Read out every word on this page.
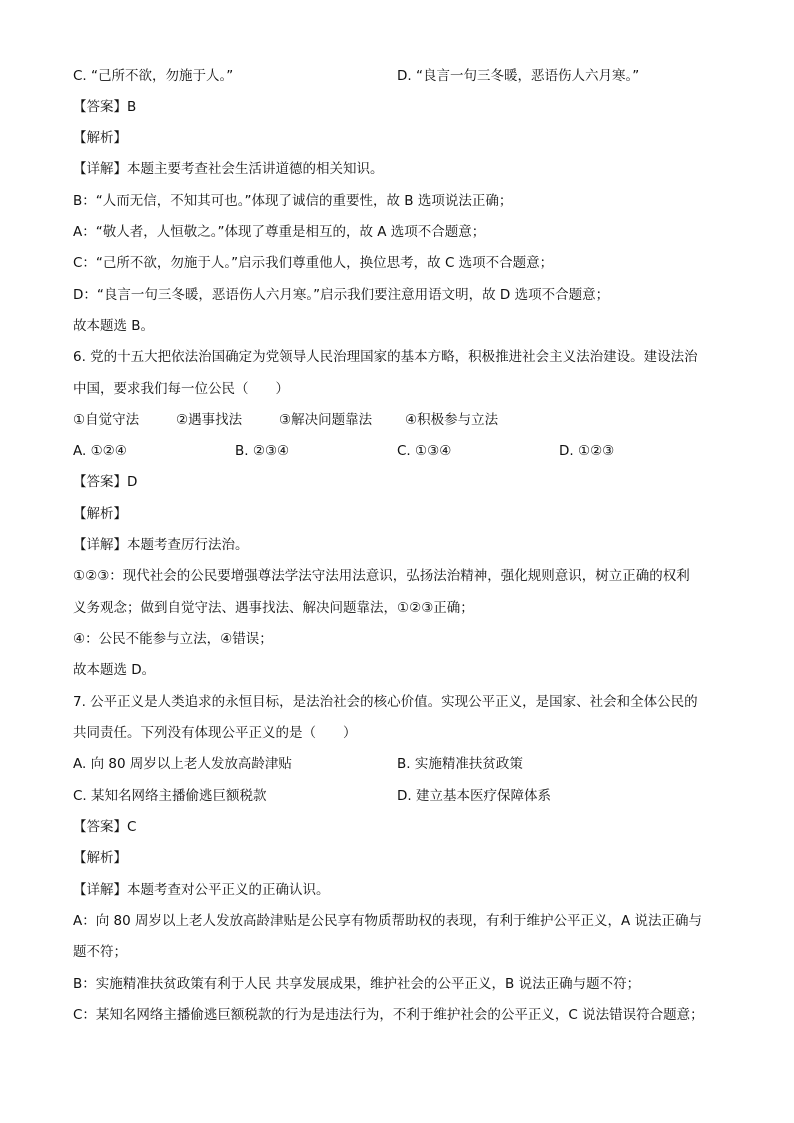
C. “己所不欲，勿施于人。”	D. “良言一句三冬暖，恶语伤人六月寒。”
【答案】B
【解析】
【详解】本题主要考查社会生活讲道德的相关知识。
B：“人而无信，不知其可也。”体现了诚信的重要性，故 B 选项说法正确；
A：“敬人者，人恒敬之。”体现了尊重是相互的，故 A 选项不合题意；
C：“己所不欲，勿施于人。”启示我们尊重他人，换位思考，故 C 选项不合题意；
D：“良言一句三冬暖，恶语伤人六月寒。”启示我们要注意用语文明，故 D 选项不合题意；
故本题选 B。
6. 党的十五大把依法治国确定为党领导人民治理国家的基本方略，积极推进社会主义法治建设。建设法治
中国，要求我们每一位公民（　　）
①自觉守法	②遇事找法	③解决问题靠法 ④积极参与立法
A. ①②④	B. ②③④	C. ①③④	D. ①②③
【答案】D
【解析】
【详解】本题考查厉行法治。
①②③：现代社会的公民要增强尊法学法守法用法意识，弘扬法治精神，强化规则意识，树立正确的权利
义务观念；做到自觉守法、遇事找法、解决问题靠法，①②③正确；
④：公民不能参与立法，④错误；
故本题选 D。
7. 公平正义是人类追求的永恒目标，是法治社会的核心价值。实现公平正义，是国家、社会和全体公民的
共同责任。下列没有体现公平正义的是（　　）
A. 向 80 周岁以上老人发放高龄津贴	B. 实施精准扶贫政策
C. 某知名网络主播偷逃巨额税款	D. 建立基本医疗保障体系
【答案】C
【解析】
【详解】本题考查对公平正义的正确认识。
A：向 80 周岁以上老人发放高龄津贴是公民享有物质帮助权的表现，有利于维护公平正义，A 说法正确与
题不符；
B：实施精准扶贫政策有利于人民 共享发展成果，维护社会的公平正义，B 说法正确与题不符；
C：某知名网络主播偷逃巨额税款的行为是违法行为，不利于维护社会的公平正义，C 说法错误符合题意；
